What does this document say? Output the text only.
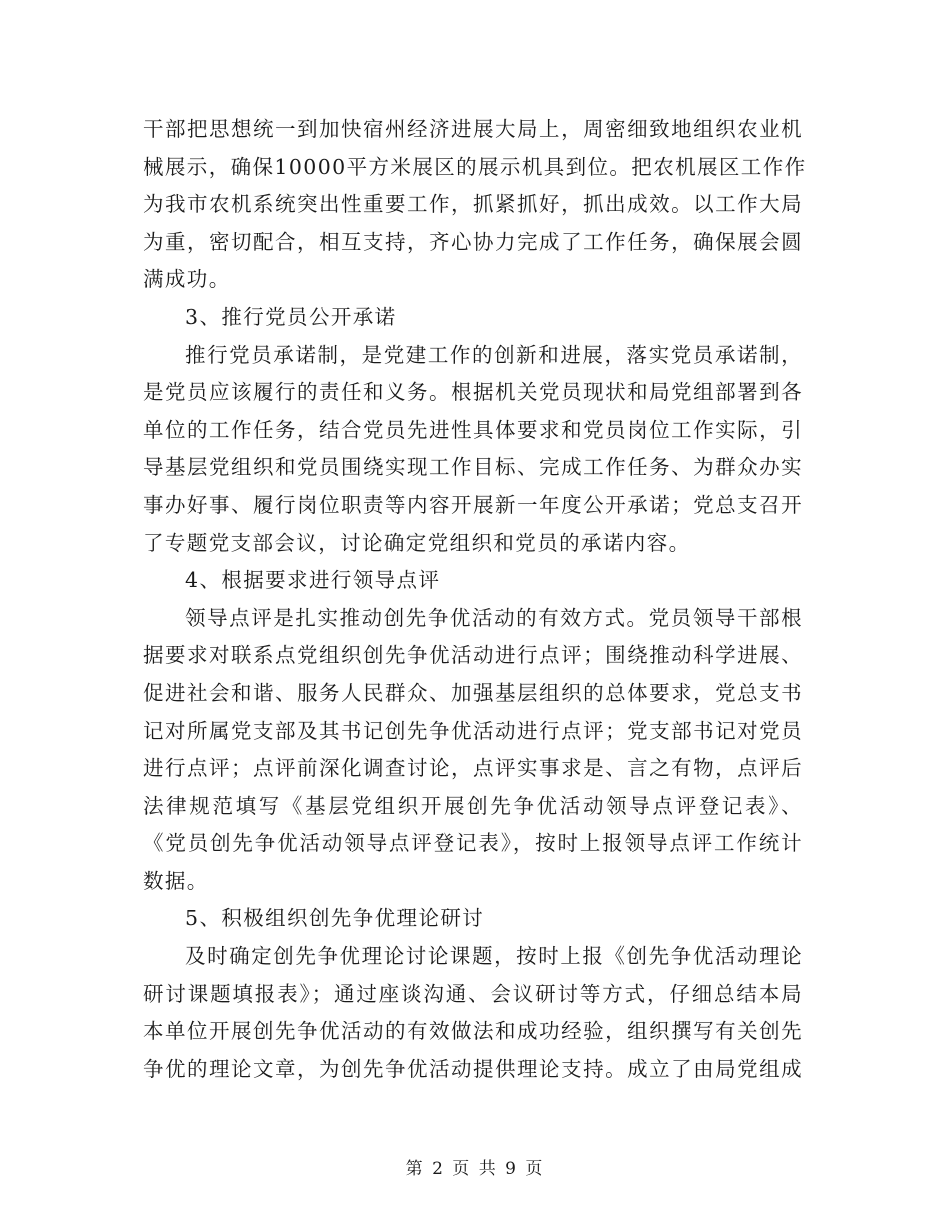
干部把思想统一到加快宿州经济进展大局上，周密细致地组织农业机
械展示，确保10000平方米展区的展示机具到位。把农机展区工作作
为我市农机系统突出性重要工作，抓紧抓好，抓出成效。以工作大局
为重，密切配合，相互支持，齐心协力完成了工作任务，确保展会圆
满成功。
3、推行党员公开承诺
推行党员承诺制，是党建工作的创新和进展，落实党员承诺制，
是党员应该履行的责任和义务。根据机关党员现状和局党组部署到各
单位的工作任务，结合党员先进性具体要求和党员岗位工作实际，引
导基层党组织和党员围绕实现工作目标、完成工作任务、为群众办实
事办好事、履行岗位职责等内容开展新一年度公开承诺；党总支召开
了专题党支部会议，讨论确定党组织和党员的承诺内容。
4、根据要求进行领导点评
领导点评是扎实推动创先争优活动的有效方式。党员领导干部根
据要求对联系点党组织创先争优活动进行点评；围绕推动科学进展、
促进社会和谐、服务人民群众、加强基层组织的总体要求，党总支书
记对所属党支部及其书记创先争优活动进行点评；党支部书记对党员
进行点评；点评前深化调查讨论，点评实事求是、言之有物，点评后
法律规范填写《基层党组织开展创先争优活动领导点评登记表》、
《党员创先争优活动领导点评登记表》，按时上报领导点评工作统计
数据。
5、积极组织创先争优理论研讨
及时确定创先争优理论讨论课题，按时上报《创先争优活动理论
研讨课题填报表》；通过座谈沟通、会议研讨等方式，仔细总结本局
本单位开展创先争优活动的有效做法和成功经验，组织撰写有关创先
争优的理论文章，为创先争优活动提供理论支持。成立了由局党组成
第 2 页 共 9 页
